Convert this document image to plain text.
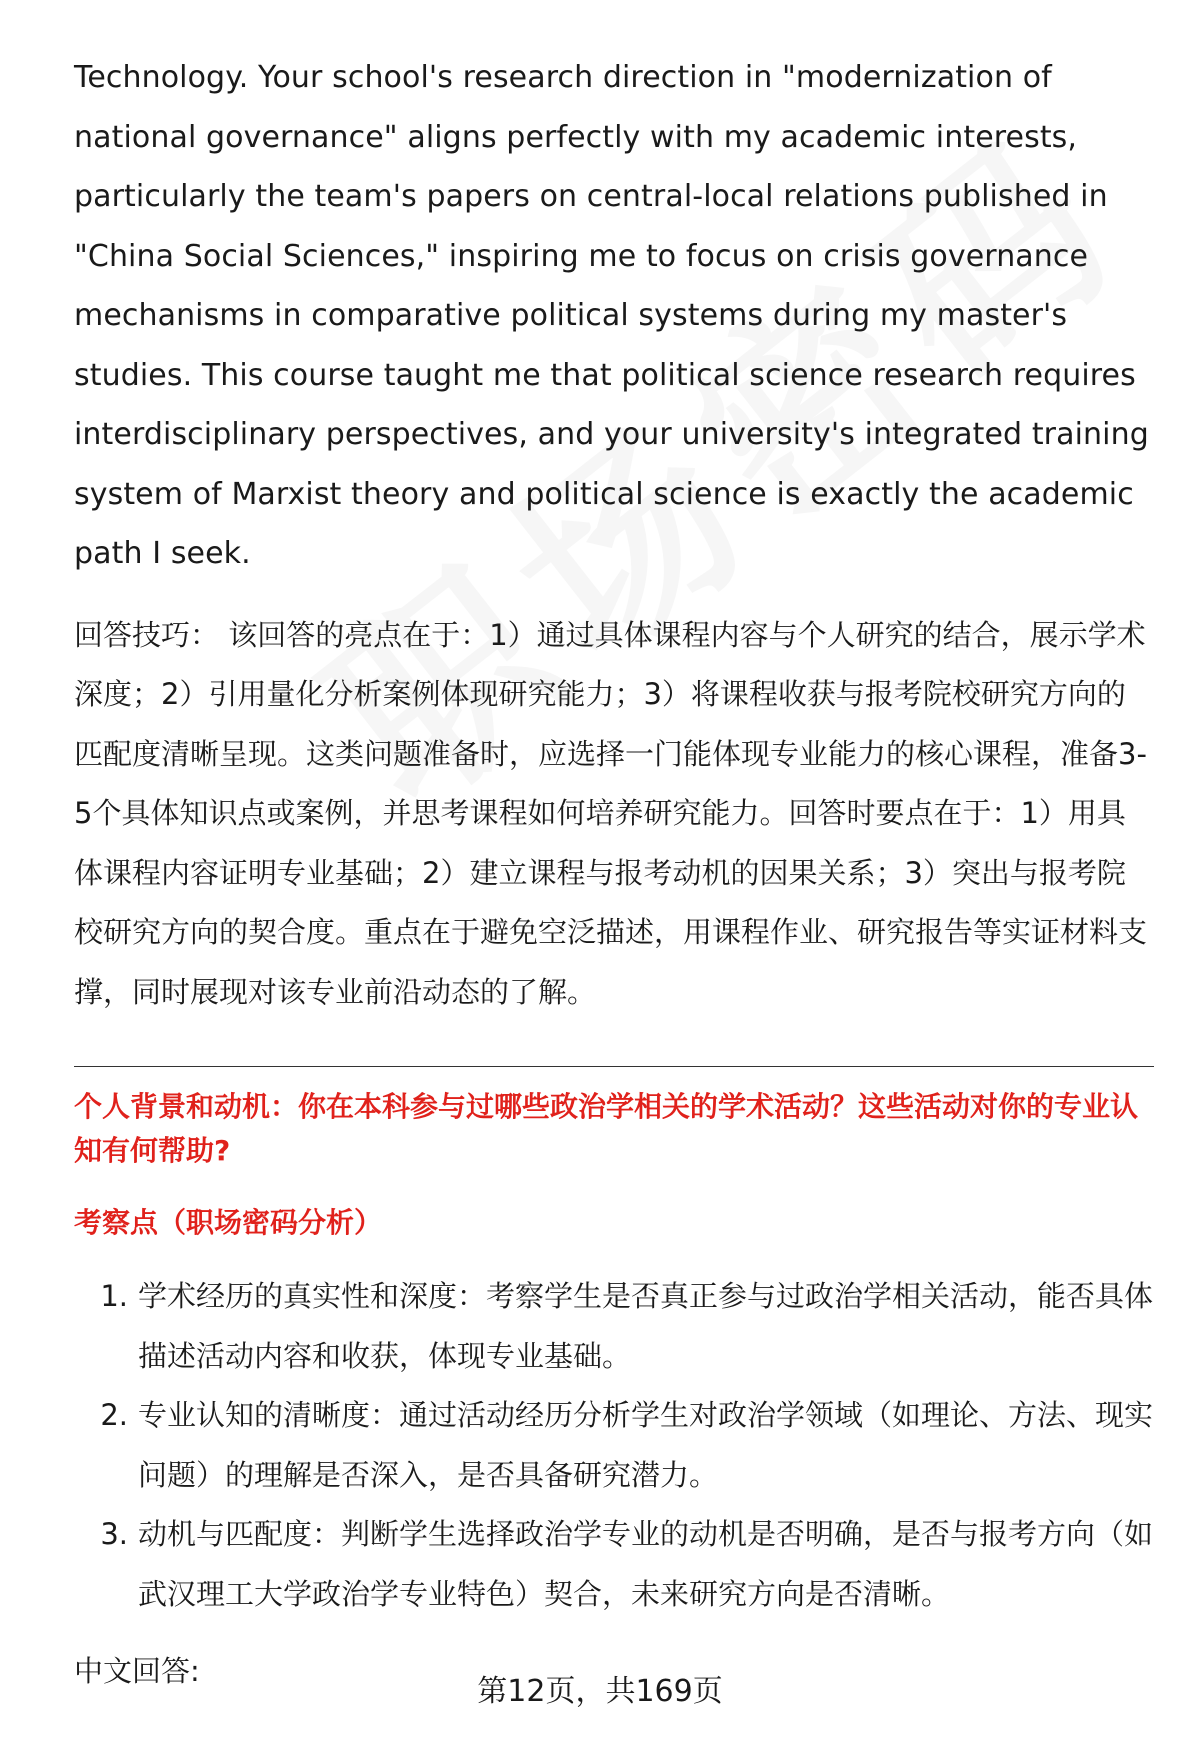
Technology. Your school's research direction in "modernization of national governance" aligns perfectly with my academic interests, particularly the team's papers on central-local relations published in "China Social Sciences," inspiring me to focus on crisis governance mechanisms in comparative political systems during my master's studies. This course taught me that political science research requires interdisciplinary perspectives, and your university's integrated training system of Marxist theory and political science is exactly the academic path I seek.

回答技巧： 该回答的亮点在于：1）通过具体课程内容与个人研究的结合，展示学术深度；2）引用量化分析案例体现研究能力；3）将课程收获与报考院校研究方向的匹配度清晰呈现。这类问题准备时，应选择一门能体现专业能力的核心课程，准备3-5个具体知识点或案例，并思考课程如何培养研究能力。回答时要点在于：1）用具体课程内容证明专业基础；2）建立课程与报考动机的因果关系；3）突出与报考院校研究方向的契合度。重点在于避免空泛描述，用课程作业、研究报告等实证材料支撑，同时展现对该专业前沿动态的了解。

个人背景和动机：你在本科参与过哪些政治学相关的学术活动？这些活动对你的专业认知有何帮助?

考察点（职场密码分析）

1. 学术经历的真实性和深度：考察学生是否真正参与过政治学相关活动，能否具体描述活动内容和收获，体现专业基础。
2. 专业认知的清晰度：通过活动经历分析学生对政治学领域（如理论、方法、现实问题）的理解是否深入，是否具备研究潜力。
3. 动机与匹配度：判断学生选择政治学专业的动机是否明确，是否与报考方向（如武汉理工大学政治学专业特色）契合，未来研究方向是否清晰。

中文回答:

第12页，共169页
